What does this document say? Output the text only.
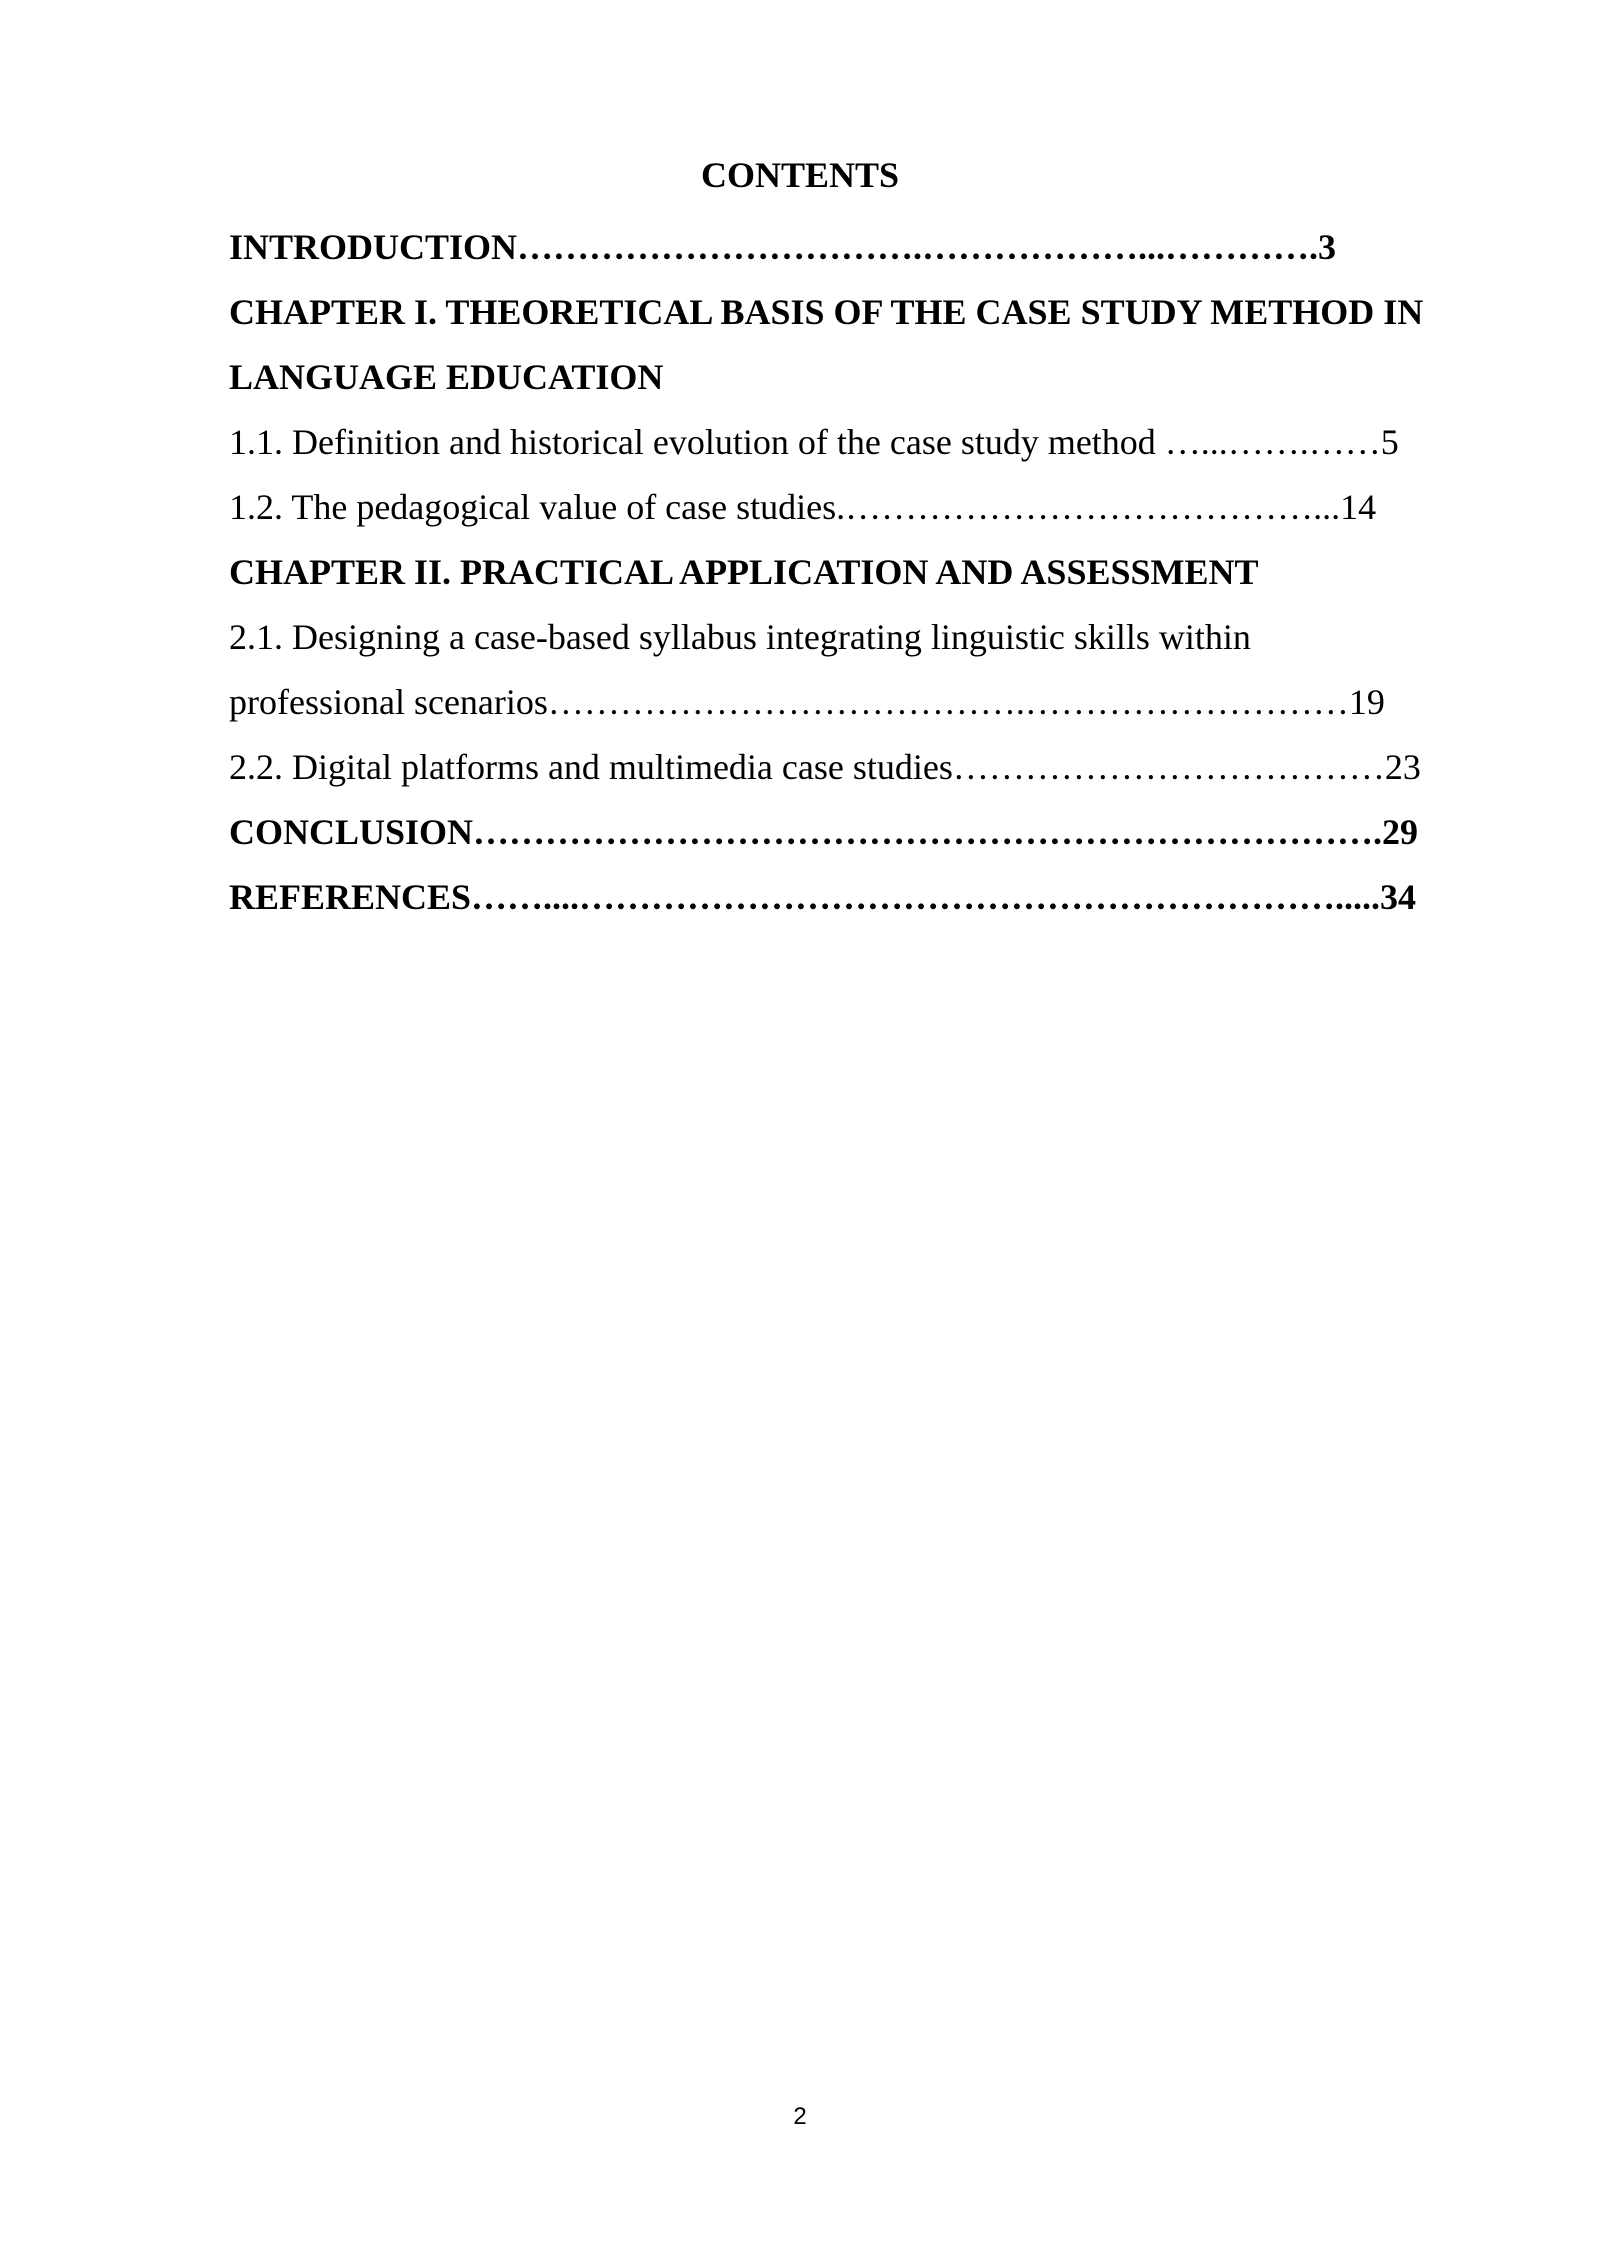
CONTENTS
INTRODUCTION…………………………….………………...………….3
CHAPTER I. THEORETICAL BASIS OF THE CASE STUDY METHOD IN
LANGUAGE EDUCATION
1.1. Definition and historical evolution of the case study method …...…….……5
1.2. The pedagogical value of case studies.…………………………………...14
CHAPTER II. PRACTICAL APPLICATION AND ASSESSMENT
2.1. Designing a case-based syllabus integrating linguistic skills within
professional scenarios………………………………….………………………19
2.2. Digital platforms and multimedia case studies………………………………23
CONCLUSION………………………………………………………………….29
REFERENCES……....……………………………………………………….....34
2
